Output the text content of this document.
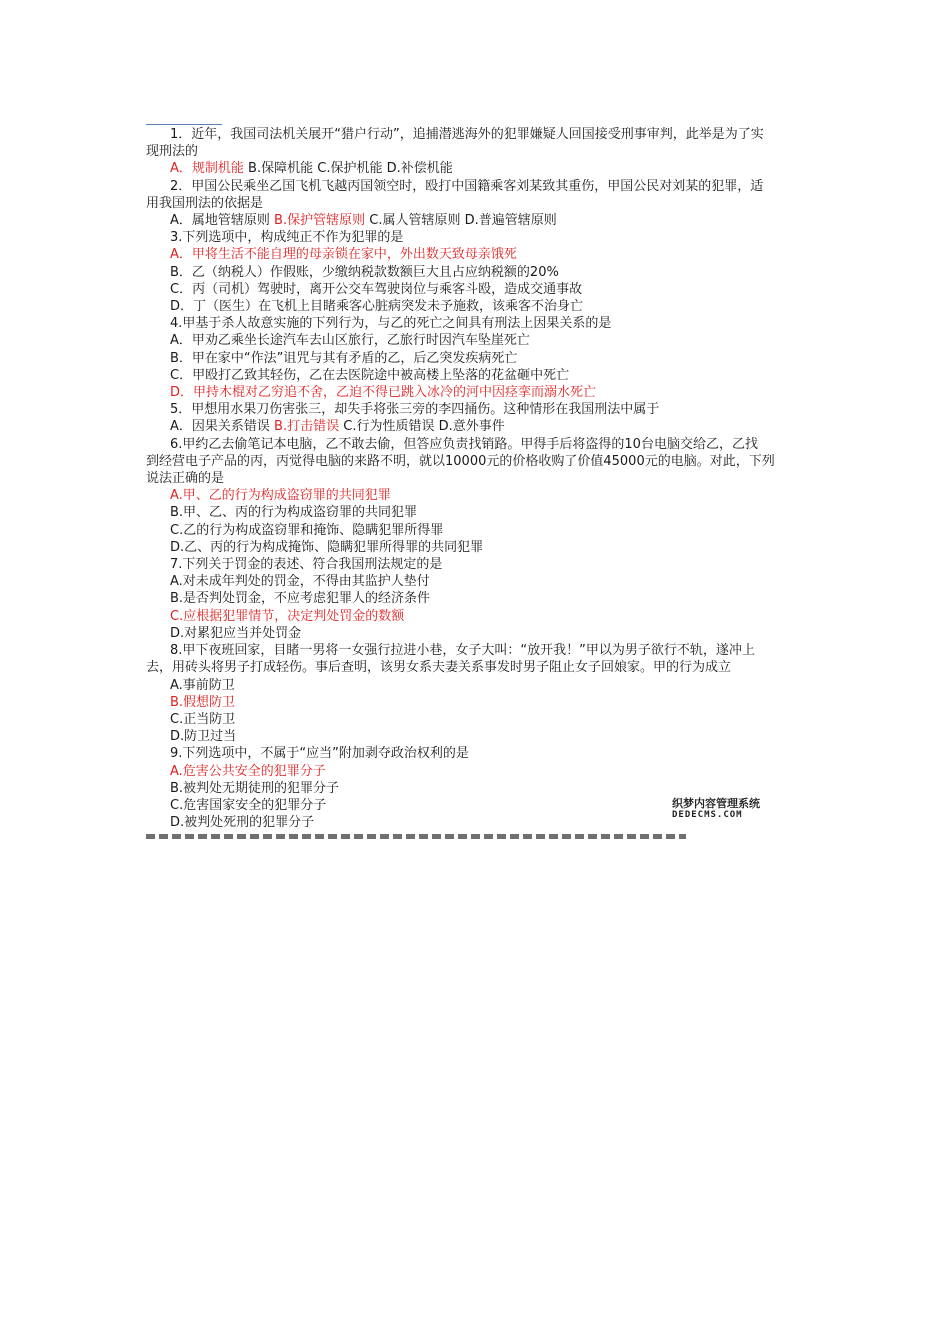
1．近年，我国司法机关展开“猎户行动”，追捕潜逃海外的犯罪嫌疑人回国接受刑事审判，此举是为了实
现刑法的
A．规制机能 B.保障机能 C.保护机能 D.补偿机能
2．甲国公民乘坐乙国飞机飞越丙国领空时，殴打中国籍乘客刘某致其重伤，甲国公民对刘某的犯罪，适
用我国刑法的依据是
A．属地管辖原则 B.保护管辖原则 C.属人管辖原则 D.普遍管辖原则
3.下列选项中，构成纯正不作为犯罪的是
A．甲将生活不能自理的母亲锁在家中，外出数天致母亲饿死
B．乙（纳税人）作假账，少缴纳税款数额巨大且占应纳税额的20%
C．丙（司机）驾驶时，离开公交车驾驶岗位与乘客斗殴，造成交通事故
D．丁（医生）在飞机上目睹乘客心脏病突发未予施救，该乘客不治身亡
4.甲基于杀人故意实施的下列行为，与乙的死亡之间具有刑法上因果关系的是
A．甲劝乙乘坐长途汽车去山区旅行，乙旅行时因汽车坠崖死亡
B．甲在家中“作法”诅咒与其有矛盾的乙，后乙突发疾病死亡
C．甲殴打乙致其轻伤，乙在去医院途中被高楼上坠落的花盆砸中死亡
D．甲持木棍对乙穷追不舍，乙迫不得已跳入冰冷的河中因痉挛而溺水死亡
5．甲想用水果刀伤害张三，却失手将张三旁的李四捅伤。这种情形在我国刑法中属于
A．因果关系错误 B.打击错误 C.行为性质错误 D.意外事件
6.甲约乙去偷笔记本电脑，乙不敢去偷，但答应负责找销路。甲得手后将盗得的10台电脑交给乙，乙找
到经营电子产品的丙，丙觉得电脑的来路不明，就以10000元的价格收购了价值45000元的电脑。对此，下列
说法正确的是
A.甲、乙的行为构成盗窃罪的共同犯罪
B.甲、乙、丙的行为构成盗窃罪的共同犯罪
C.乙的行为构成盗窃罪和掩饰、隐瞒犯罪所得罪
D.乙、丙的行为构成掩饰、隐瞒犯罪所得罪的共同犯罪
7.下列关于罚金的表述、符合我国刑法规定的是
A.对未成年判处的罚金，不得由其监护人垫付
B.是否判处罚金，不应考虑犯罪人的经济条件
C.应根据犯罪情节，决定判处罚金的数额
D.对累犯应当并处罚金
8.甲下夜班回家，目睹一男将一女强行拉进小巷，女子大叫：“放开我！”甲以为男子欲行不轨，遂冲上
去，用砖头将男子打成轻伤。事后查明，该男女系夫妻关系事发时男子阻止女子回娘家。甲的行为成立
A.事前防卫
B.假想防卫
C.正当防卫
D.防卫过当
9.下列选项中，不属于“应当”附加剥夺政治权利的是
A.危害公共安全的犯罪分子
B.被判处无期徒刑的犯罪分子
C.危害国家安全的犯罪分子
D.被判处死刑的犯罪分子
织梦内容管理系统
DEDECMS.COM
